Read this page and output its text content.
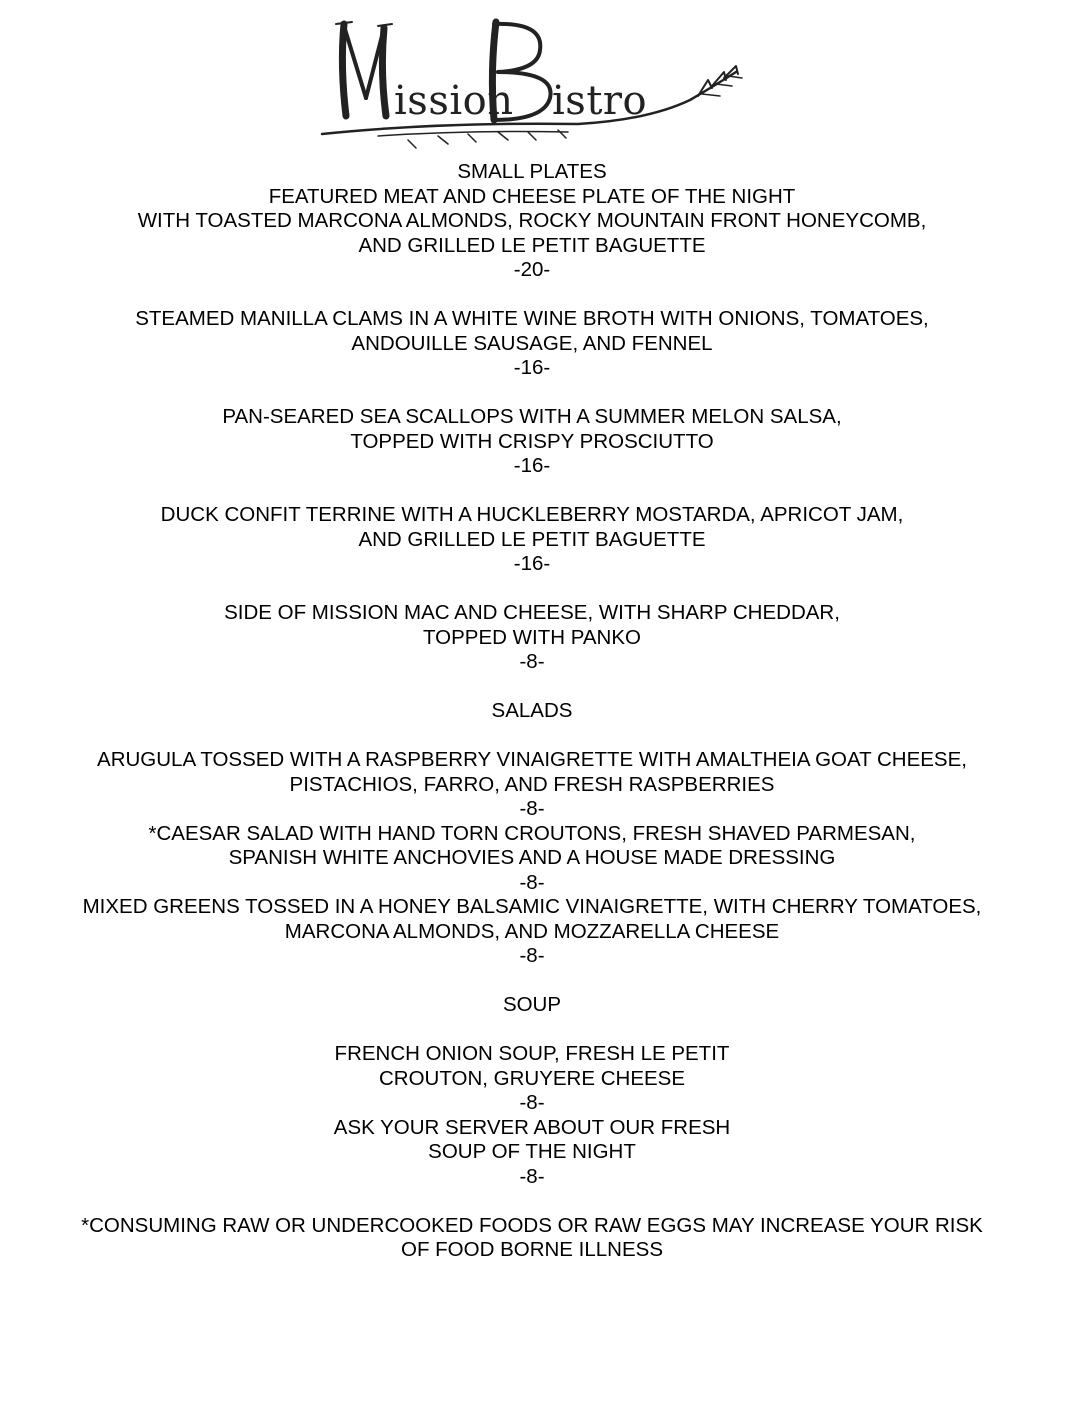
ission istro
SMALL PLATES
FEATURED MEAT AND CHEESE PLATE OF THE NIGHT
WITH TOASTED MARCONA ALMONDS, ROCKY MOUNTAIN FRONT HONEYCOMB,
AND GRILLED LE PETIT BAGUETTE
-20-
STEAMED MANILLA CLAMS IN A WHITE WINE BROTH WITH ONIONS, TOMATOES,
ANDOUILLE SAUSAGE, AND FENNEL
-16-
PAN-SEARED SEA SCALLOPS WITH A SUMMER MELON SALSA,
TOPPED WITH CRISPY PROSCIUTTO
-16-
DUCK CONFIT TERRINE WITH A HUCKLEBERRY MOSTARDA, APRICOT JAM,
AND GRILLED LE PETIT BAGUETTE
-16-
SIDE OF MISSION MAC AND CHEESE, WITH SHARP CHEDDAR,
TOPPED WITH PANKO
-8-
SALADS
ARUGULA TOSSED WITH A RASPBERRY VINAIGRETTE WITH AMALTHEIA GOAT CHEESE,
PISTACHIOS, FARRO, AND FRESH RASPBERRIES
-8-
*CAESAR SALAD WITH HAND TORN CROUTONS, FRESH SHAVED PARMESAN,
SPANISH WHITE ANCHOVIES AND A HOUSE MADE DRESSING
-8-
MIXED GREENS TOSSED IN A HONEY BALSAMIC VINAIGRETTE, WITH CHERRY TOMATOES,
MARCONA ALMONDS, AND MOZZARELLA CHEESE
-8-
SOUP
FRENCH ONION SOUP, FRESH LE PETIT
CROUTON, GRUYERE CHEESE
-8-
ASK YOUR SERVER ABOUT OUR FRESH
SOUP OF THE NIGHT
-8-
*CONSUMING RAW OR UNDERCOOKED FOODS OR RAW EGGS MAY INCREASE YOUR RISK
OF FOOD BORNE ILLNESS
